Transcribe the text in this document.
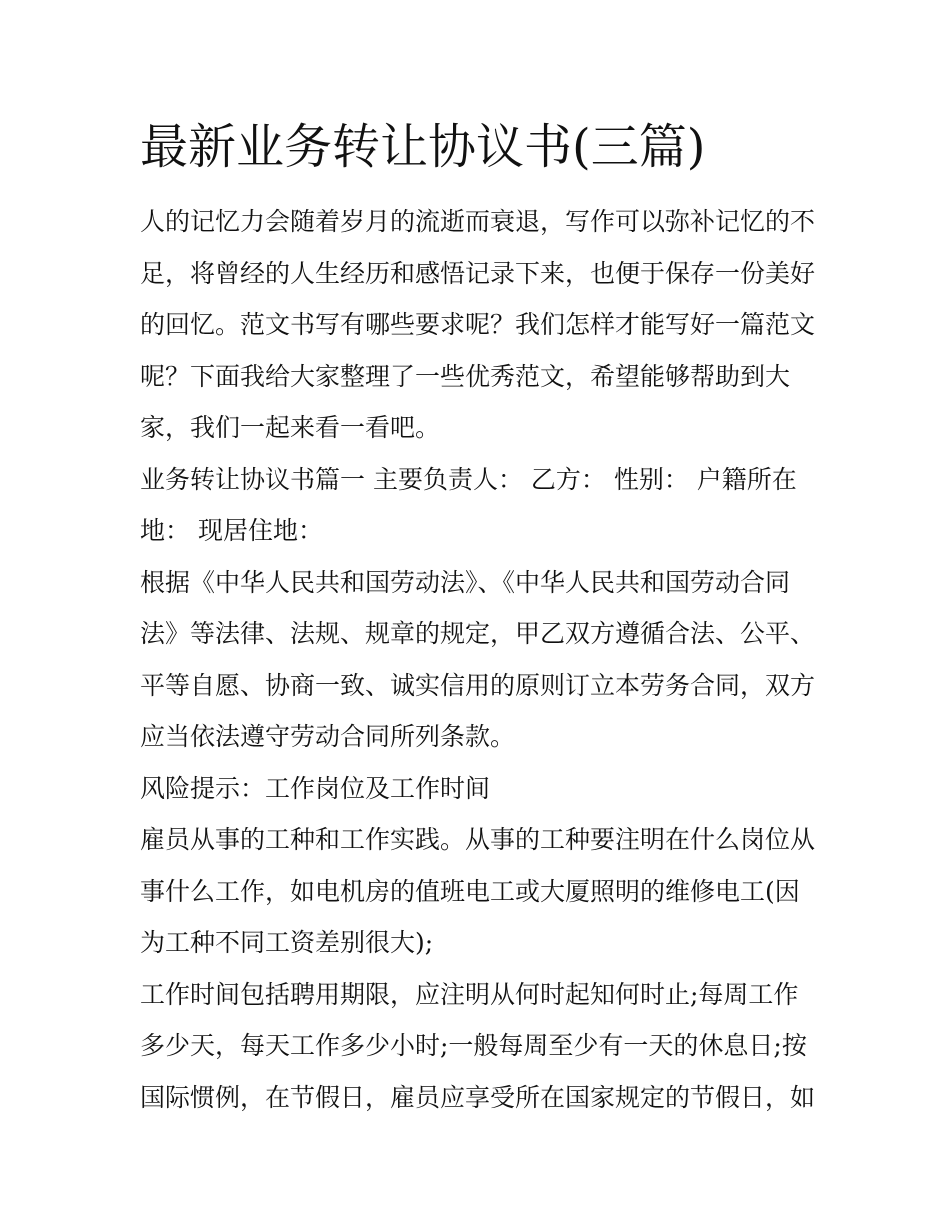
最新业务转让协议书(三篇)

人的记忆力会随着岁月的流逝而衰退，写作可以弥补记忆的不

足，将曾经的人生经历和感悟记录下来，也便于保存一份美好

的回忆。范文书写有哪些要求呢？我们怎样才能写好一篇范文

呢？下面我给大家整理了一些优秀范文，希望能够帮助到大

家，我们一起来看一看吧。

业务转让协议书篇一 主要负责人： 乙方： 性别： 户籍所在

地： 现居住地：

根据《中华人民共和国劳动法》、《中华人民共和国劳动合同

法》等法律、法规、规章的规定，甲乙双方遵循合法、公平、

平等自愿、协商一致、诚实信用的原则订立本劳务合同，双方

应当依法遵守劳动合同所列条款。

风险提示：工作岗位及工作时间

雇员从事的工种和工作实践。从事的工种要注明在什么岗位从

事什么工作，如电机房的值班电工或大厦照明的维修电工(因

为工种不同工资差别很大);

工作时间包括聘用期限，应注明从何时起知何时止;每周工作

多少天，每天工作多少小时;一般每周至少有一天的休息日;按

国际惯例，在节假日，雇员应享受所在国家规定的节假日，如
